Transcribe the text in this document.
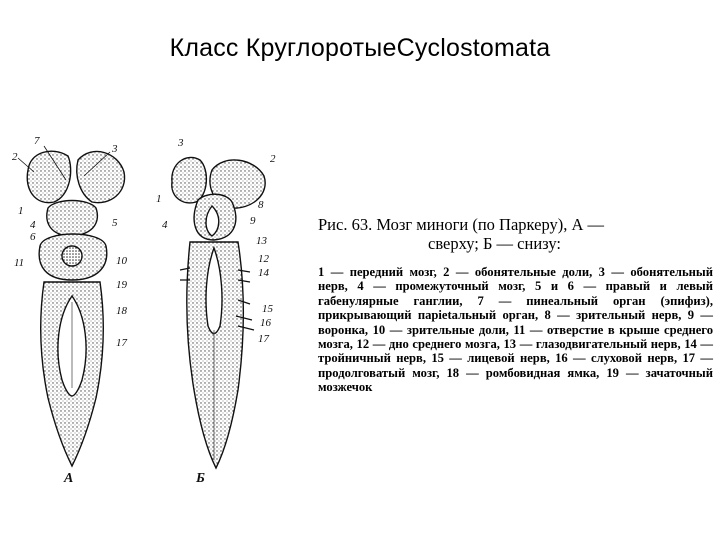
Класс КруглоротыеCyclostomata
7
3
2
1
4
6
5
11	10
19
18
17
3
2
1
4
8
9
13
12
14
16
15
17
A	Б

Рис. 63. Мозг миноги (по Паркеру), А —
сверху; Б — снизу:

1 — передний мозг, 2 — обонятельные доли, 3 — обонятельный нерв, 4 — промежуточный мозг, 5 и 6 — правый и левый габенулярные ганглии, 7 — пинеальный орган (эпифиз), прикрывающий парietальный орган, 8 — зрительный нерв, 9 — воронка, 10 — зрительные доли, 11 — отверстие в крыше среднего мозга, 12 — дно среднего мозга, 13 — глазодвигательный нерв, 14 — тройничный нерв, 15 — лицевой нерв, 16 — слуховой нерв, 17 — продолговатый мозг, 18 — ромбовидная ямка, 19 — зачаточный мозжечок
